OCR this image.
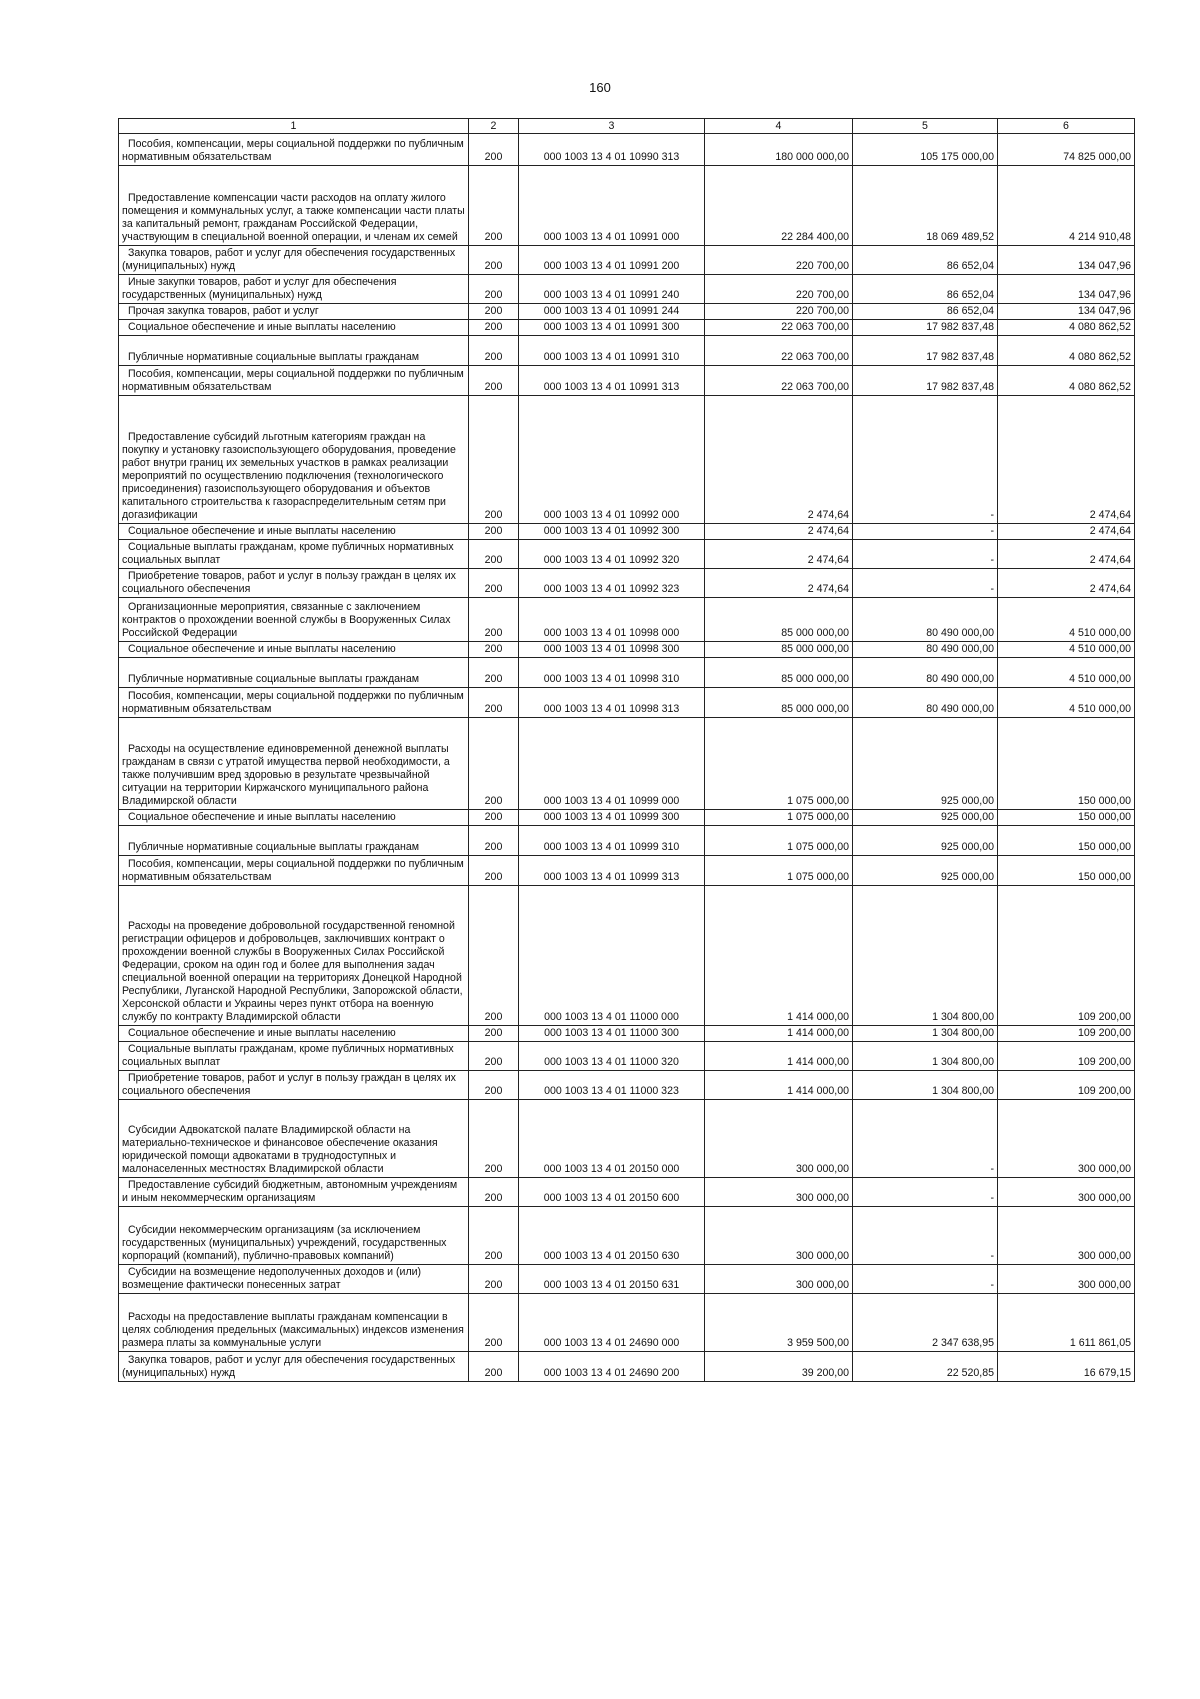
160
1	2	3	4	5	6
Пособия, компенсации, меры социальной поддержки по публичным нормативным обязательствам	200	000 1003 13 4 01 10990 313	180 000 000,00	105 175 000,00	74 825 000,00
Предоставление компенсации части расходов на оплату жилого помещения и коммунальных услуг, а также компенсации части платы за капитальный ремонт, гражданам Российской Федерации, участвующим в специальной военной операции, и членам их семей	200	000 1003 13 4 01 10991 000	22 284 400,00	18 069 489,52	4 214 910,48
Закупка товаров, работ и услуг для обеспечения государственных (муниципальных) нужд	200	000 1003 13 4 01 10991 200	220 700,00	86 652,04	134 047,96
Иные закупки товаров, работ и услуг для обеспечения государственных (муниципальных) нужд	200	000 1003 13 4 01 10991 240	220 700,00	86 652,04	134 047,96
Прочая закупка товаров, работ и услуг	200	000 1003 13 4 01 10991 244	220 700,00	86 652,04	134 047,96
Социальное обеспечение и иные выплаты населению	200	000 1003 13 4 01 10991 300	22 063 700,00	17 982 837,48	4 080 862,52
Публичные нормативные социальные выплаты гражданам	200	000 1003 13 4 01 10991 310	22 063 700,00	17 982 837,48	4 080 862,52
Пособия, компенсации, меры социальной поддержки по публичным нормативным обязательствам	200	000 1003 13 4 01 10991 313	22 063 700,00	17 982 837,48	4 080 862,52
Предоставление субсидий льготным категориям граждан на покупку и установку газоиспользующего оборудования, проведение работ внутри границ их земельных участков в рамках реализации мероприятий по осуществлению подключения (технологического присоединения) газоиспользующего оборудования и объектов капитального строительства к газораспределительным сетям при догазификации	200	000 1003 13 4 01 10992 000	2 474,64	-	2 474,64
Социальное обеспечение и иные выплаты населению	200	000 1003 13 4 01 10992 300	2 474,64	-	2 474,64
Социальные выплаты гражданам, кроме публичных нормативных социальных выплат	200	000 1003 13 4 01 10992 320	2 474,64	-	2 474,64
Приобретение товаров, работ и услуг в пользу граждан в целях их социального обеспечения	200	000 1003 13 4 01 10992 323	2 474,64	-	2 474,64
Организационные мероприятия, связанные с заключением контрактов о прохождении военной службы в Вооруженных Силах Российской Федерации	200	000 1003 13 4 01 10998 000	85 000 000,00	80 490 000,00	4 510 000,00
Социальное обеспечение и иные выплаты населению	200	000 1003 13 4 01 10998 300	85 000 000,00	80 490 000,00	4 510 000,00
Публичные нормативные социальные выплаты гражданам	200	000 1003 13 4 01 10998 310	85 000 000,00	80 490 000,00	4 510 000,00
Пособия, компенсации, меры социальной поддержки по публичным нормативным обязательствам	200	000 1003 13 4 01 10998 313	85 000 000,00	80 490 000,00	4 510 000,00
Расходы на осуществление единовременной денежной выплаты гражданам в связи с утратой имущества первой необходимости, а также получившим вред здоровью в результате чрезвычайной ситуации на территории Киржачского муниципального района Владимирской области	200	000 1003 13 4 01 10999 000	1 075 000,00	925 000,00	150 000,00
Социальное обеспечение и иные выплаты населению	200	000 1003 13 4 01 10999 300	1 075 000,00	925 000,00	150 000,00
Публичные нормативные социальные выплаты гражданам	200	000 1003 13 4 01 10999 310	1 075 000,00	925 000,00	150 000,00
Пособия, компенсации, меры социальной поддержки по публичным нормативным обязательствам	200	000 1003 13 4 01 10999 313	1 075 000,00	925 000,00	150 000,00
Расходы на проведение добровольной государственной геномной регистрации офицеров и добровольцев, заключивших контракт о прохождении военной службы в Вооруженных Силах Российской Федерации, сроком на один год и более для выполнения задач специальной военной операции на территориях Донецкой Народной Республики, Луганской Народной Республики, Запорожской области, Херсонской области и Украины через пункт отбора на военную службу по контракту Владимирской области	200	000 1003 13 4 01 11000 000	1 414 000,00	1 304 800,00	109 200,00
Социальное обеспечение и иные выплаты населению	200	000 1003 13 4 01 11000 300	1 414 000,00	1 304 800,00	109 200,00
Социальные выплаты гражданам, кроме публичных нормативных социальных выплат	200	000 1003 13 4 01 11000 320	1 414 000,00	1 304 800,00	109 200,00
Приобретение товаров, работ и услуг в пользу граждан в целях их социального обеспечения	200	000 1003 13 4 01 11000 323	1 414 000,00	1 304 800,00	109 200,00
Субсидии Адвокатской палате Владимирской области на материально-техническое и финансовое обеспечение оказания юридической помощи адвокатами в труднодоступных и малонаселенных местностях Владимирской области	200	000 1003 13 4 01 20150 000	300 000,00	-	300 000,00
Предоставление субсидий бюджетным, автономным учреждениям и иным некоммерческим организациям	200	000 1003 13 4 01 20150 600	300 000,00	-	300 000,00
Субсидии некоммерческим организациям (за исключением государственных (муниципальных) учреждений, государственных корпораций (компаний), публично-правовых компаний)	200	000 1003 13 4 01 20150 630	300 000,00	-	300 000,00
Субсидии на возмещение недополученных доходов и (или) возмещение фактически понесенных затрат	200	000 1003 13 4 01 20150 631	300 000,00	-	300 000,00
Расходы на предоставление выплаты гражданам компенсации в целях соблюдения предельных (максимальных) индексов изменения размера платы за коммунальные услуги	200	000 1003 13 4 01 24690 000	3 959 500,00	2 347 638,95	1 611 861,05
Закупка товаров, работ и услуг для обеспечения государственных (муниципальных) нужд	200	000 1003 13 4 01 24690 200	39 200,00	22 520,85	16 679,15
